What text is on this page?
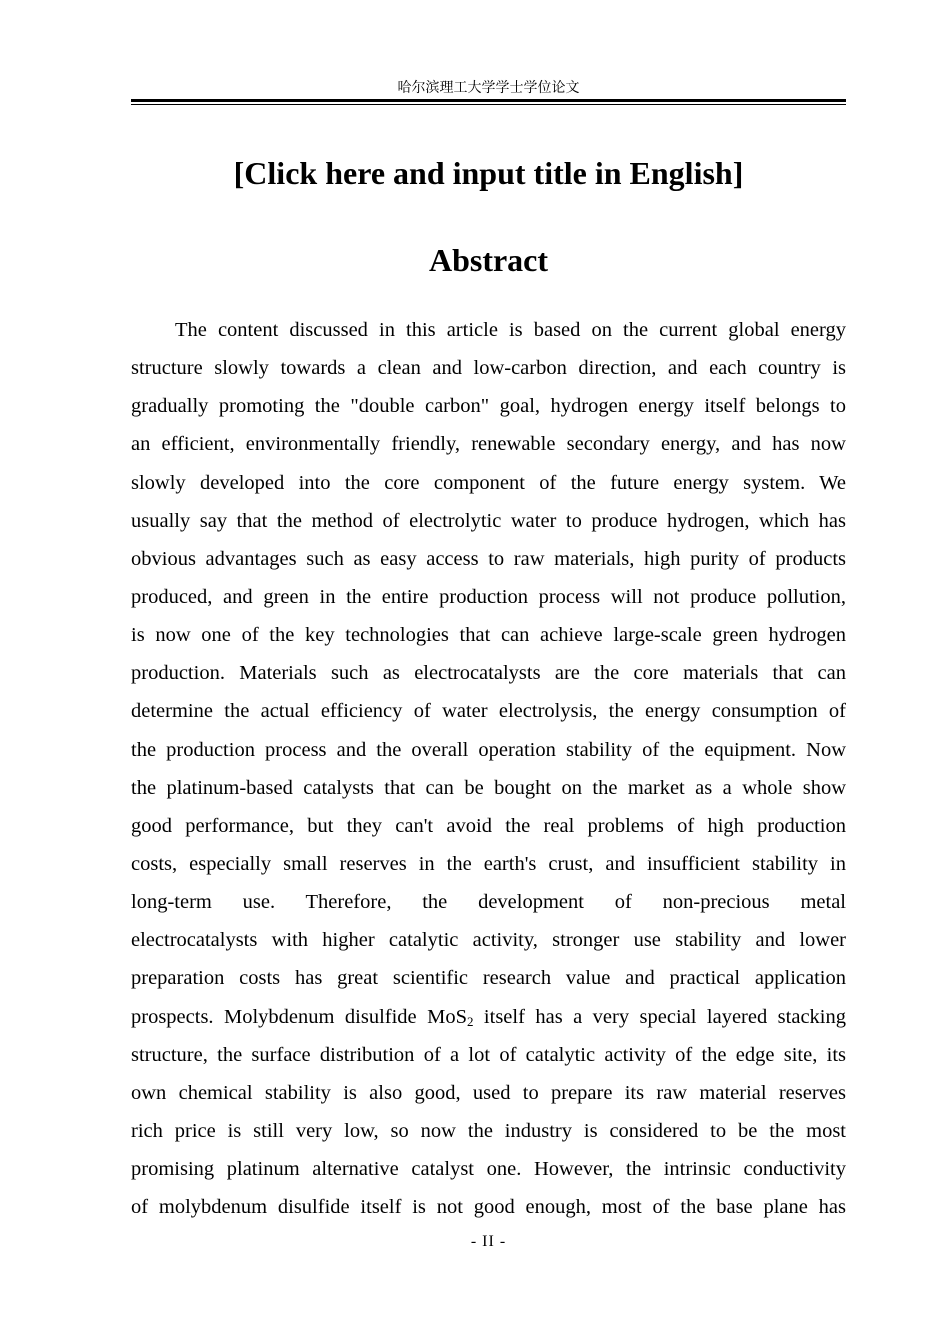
哈尔滨理工大学学士学位论文
[Click here and input title in English]
Abstract
The content discussed in this article is based on the current global energy
structure slowly towards a clean and low-carbon direction, and each country is
gradually promoting the "double carbon" goal, hydrogen energy itself belongs to
an efficient, environmentally friendly, renewable secondary energy, and has now
slowly developed into the core component of the future energy system. We
usually say that the method of electrolytic water to produce hydrogen, which has
obvious advantages such as easy access to raw materials, high purity of products
produced, and green in the entire production process will not produce pollution,
is now one of the key technologies that can achieve large-scale green hydrogen
production. Materials such as electrocatalysts are the core materials that can
determine the actual efficiency of water electrolysis, the energy consumption of
the production process and the overall operation stability of the equipment. Now
the platinum-based catalysts that can be bought on the market as a whole show
good performance, but they can't avoid the real problems of high production
costs, especially small reserves in the earth's crust, and insufficient stability in
long-term use. Therefore, the development of non-precious metal
electrocatalysts with higher catalytic activity, stronger use stability and lower
preparation costs has great scientific research value and practical application
prospects. Molybdenum disulfide MoS$_2$ itself has a very special layered stacking
structure, the surface distribution of a lot of catalytic activity of the edge site, its
own chemical stability is also good, used to prepare its raw material reserves
rich price is still very low, so now the industry is considered to be the most
promising platinum alternative catalyst one. However, the intrinsic conductivity
of molybdenum disulfide itself is not good enough, most of the base plane has
- II -
